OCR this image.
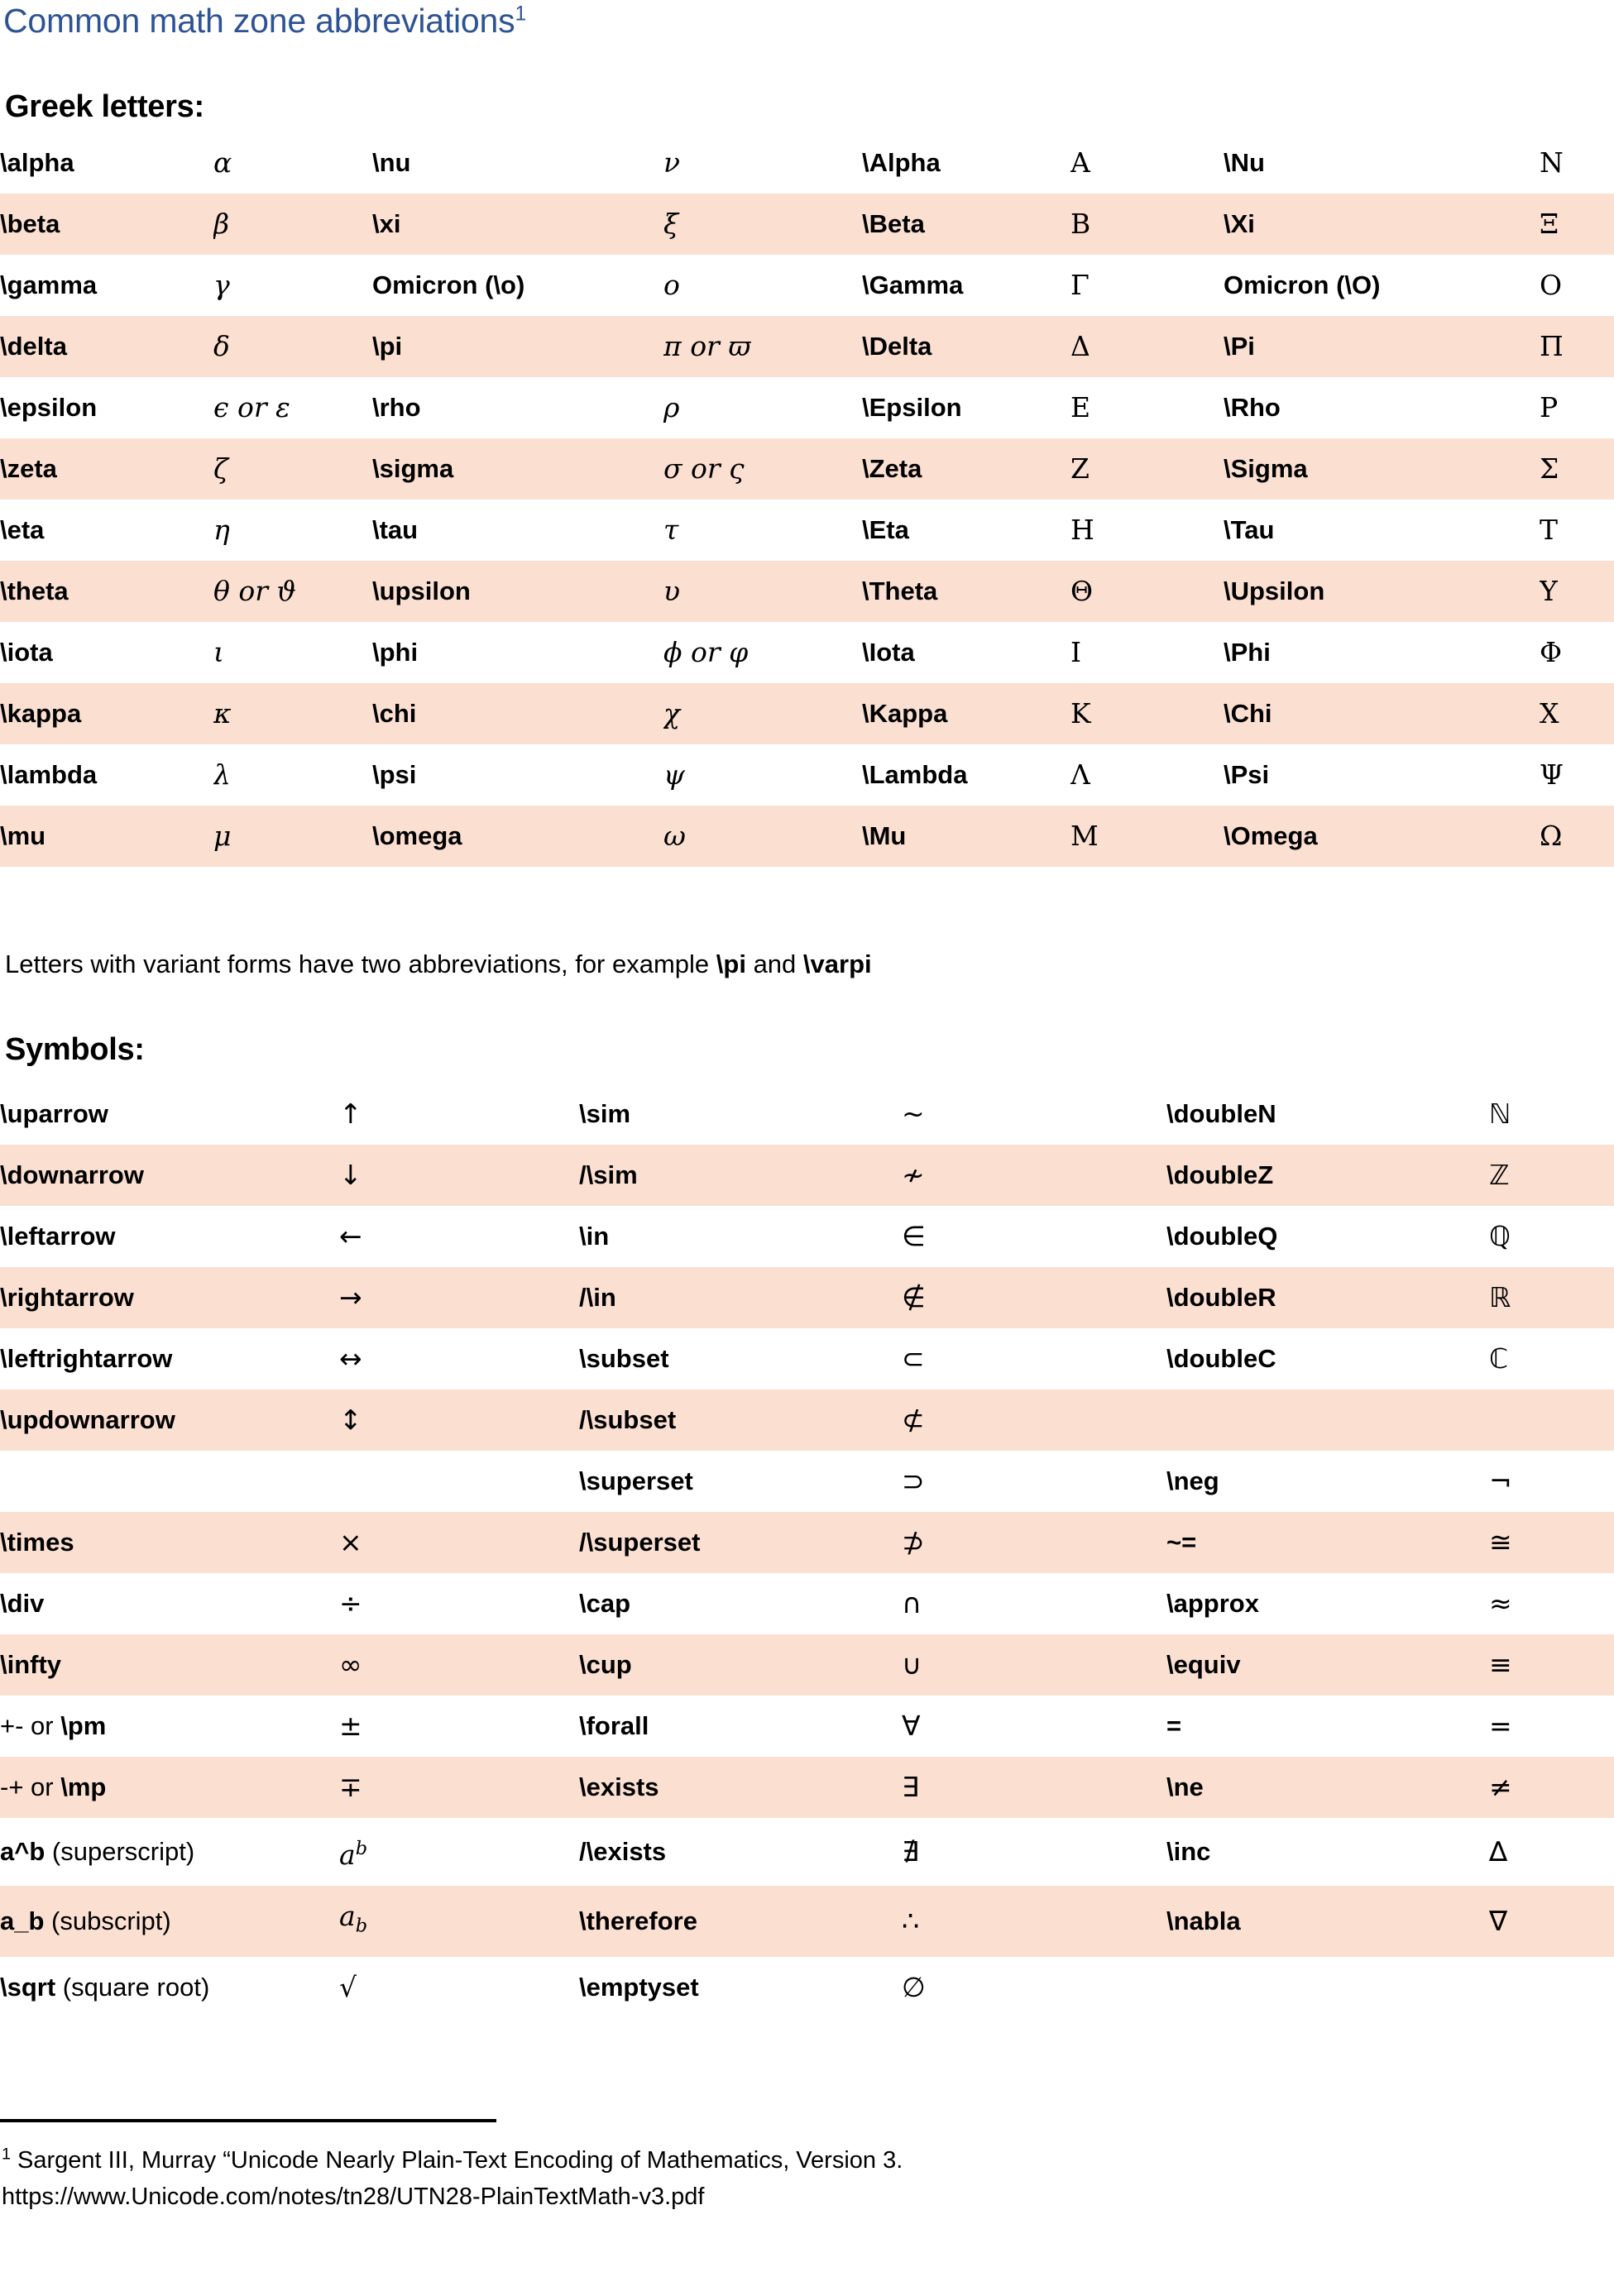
Common math zone abbreviations$^1$
Greek letters:
\alpha	α	\nu	ν	\Alpha	Α	\Nu	Ν
\beta	β	\xi	ξ	\Beta	Β	\Xi	Ξ
\gamma	γ	Omicron (\o)	ο	\Gamma	Γ	Omicron (\O)	Ο
\delta	δ	\pi	π or ϖ	\Delta	Δ	\Pi	Π
\epsilon	ϵ or ε	\rho	ρ	\Epsilon	Ε	\Rho	Ρ
\zeta	ζ	\sigma	σ or ς	\Zeta	Ζ	\Sigma	Σ
\eta	η	\tau	τ	\Eta	Η	\Tau	Τ
\theta	θ or ϑ	\upsilon	υ	\Theta	Θ	\Upsilon	Υ
\iota	ι	\phi	ϕ or φ	\Iota	Ι	\Phi	Φ
\kappa	κ	\chi	χ	\Kappa	Κ	\Chi	Χ
\lambda	λ	\psi	ψ	\Lambda	Λ	\Psi	Ψ
\mu	μ	\omega	ω	\Mu	Μ	\Omega	Ω
Letters with variant forms have two abbreviations, for example \pi and \varpi
Symbols:
\uparrow	↑	\sim	~	\doubleN	ℕ
\downarrow	↓	/\sim	≁	\doubleZ	ℤ
\leftarrow	←	\in	∈	\doubleQ	ℚ
\rightarrow	→	/\in	∉	\doubleR	ℝ
\leftrightarrow	↔	\subset	⊂	\doubleC	ℂ
\updownarrow	↕	/\subset	⊄		
		\superset	⊃	\neg	¬
\times	×	/\superset	⊅	~=	≅
\div	÷	\cap	∩	\approx	≈
\infty	∞	\cup	∪	\equiv	≡
+- or \pm	±	\forall	∀	=	=
-+ or \mp	∓	\exists	∃	\ne	≠
a^b (superscript)	$a^b$	/\exists	∄	\inc	∆
a_b (subscript)	$a_b$	\therefore	∴	\nabla	∇
\sqrt (square root)	√	\emptyset	∅		
$^1$ Sargent III, Murray “Unicode Nearly Plain-Text Encoding of Mathematics, Version 3.
https://www.Unicode.com/notes/tn28/UTN28-PlainTextMath-v3.pdf
